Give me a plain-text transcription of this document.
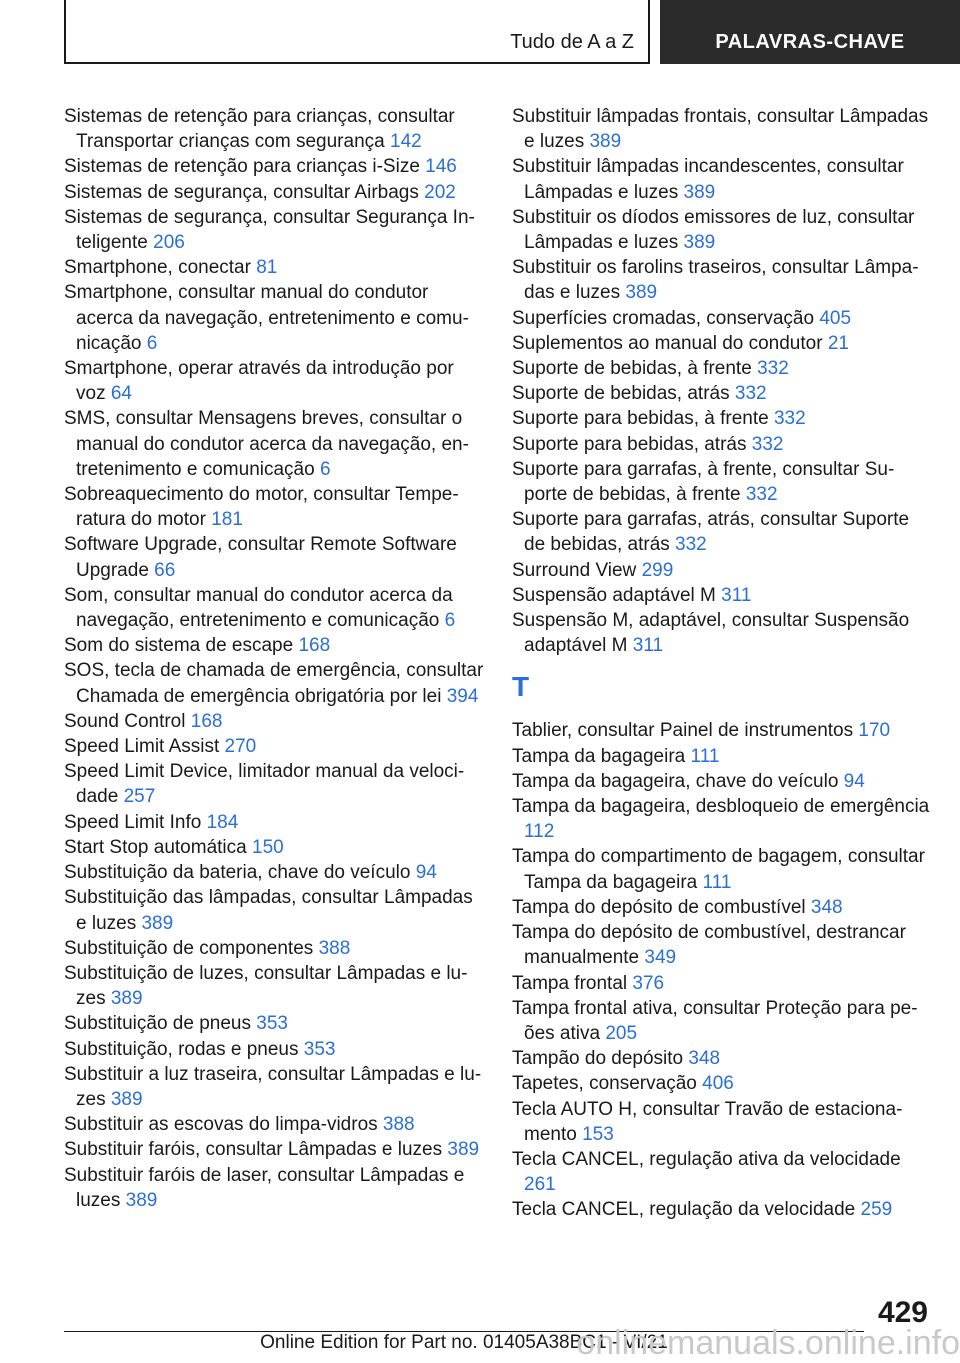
Tudo de A a Z	PALAVRAS-CHAVE
Sistemas de retenção para crianças, consultar Transportar crianças com segurança 142
Sistemas de retenção para crianças i-Size 146
Sistemas de segurança, consultar Airbags 202
Sistemas de segurança, consultar Segurança Inteligente 206
Smartphone, conectar 81
Smartphone, consultar manual do condutor acerca da navegação, entretenimento e comunicação 6
Smartphone, operar através da introdução por voz 64
SMS, consultar Mensagens breves, consultar o manual do condutor acerca da navegação, entretenimento e comunicação 6
Sobreaquecimento do motor, consultar Temperatura do motor 181
Software Upgrade, consultar Remote Software Upgrade 66
Som, consultar manual do condutor acerca da navegação, entretenimento e comunicação 6
Som do sistema de escape 168
SOS, tecla de chamada de emergência, consultar Chamada de emergência obrigatória por lei 394
Sound Control 168
Speed Limit Assist 270
Speed Limit Device, limitador manual da velocidade 257
Speed Limit Info 184
Start Stop automática 150
Substituição da bateria, chave do veículo 94
Substituição das lâmpadas, consultar Lâmpadas e luzes 389
Substituição de componentes 388
Substituição de luzes, consultar Lâmpadas e luzes 389
Substituição de pneus 353
Substituição, rodas e pneus 353
Substituir a luz traseira, consultar Lâmpadas e luzes 389
Substituir as escovas do limpa-vidros 388
Substituir faróis, consultar Lâmpadas e luzes 389
Substituir faróis de laser, consultar Lâmpadas e luzes 389
Substituir lâmpadas frontais, consultar Lâmpadas e luzes 389
Substituir lâmpadas incandescentes, consultar Lâmpadas e luzes 389
Substituir os díodos emissores de luz, consultar Lâmpadas e luzes 389
Substituir os farolins traseiros, consultar Lâmpadas e luzes 389
Superfícies cromadas, conservação 405
Suplementos ao manual do condutor 21
Suporte de bebidas, à frente 332
Suporte de bebidas, atrás 332
Suporte para bebidas, à frente 332
Suporte para bebidas, atrás 332
Suporte para garrafas, à frente, consultar Suporte de bebidas, à frente 332
Suporte para garrafas, atrás, consultar Suporte de bebidas, atrás 332
Surround View 299
Suspensão adaptável M 311
Suspensão M, adaptável, consultar Suspensão adaptável M 311
T
Tablier, consultar Painel de instrumentos 170
Tampa da bagageira 111
Tampa da bagageira, chave do veículo 94
Tampa da bagageira, desbloqueio de emergência 112
Tampa do compartimento de bagagem, consultar Tampa da bagageira 111
Tampa do depósito de combustível 348
Tampa do depósito de combustível, destrancar manualmente 349
Tampa frontal 376
Tampa frontal ativa, consultar Proteção para peões ativa 205
Tampão do depósito 348
Tapetes, conservação 406
Tecla AUTO H, consultar Travão de estacionamento 153
Tecla CANCEL, regulação ativa da velocidade 261
Tecla CANCEL, regulação da velocidade 259
429
Online Edition for Part no. 01405A38BC1 - VI/21
onlinemanuals.online.info
